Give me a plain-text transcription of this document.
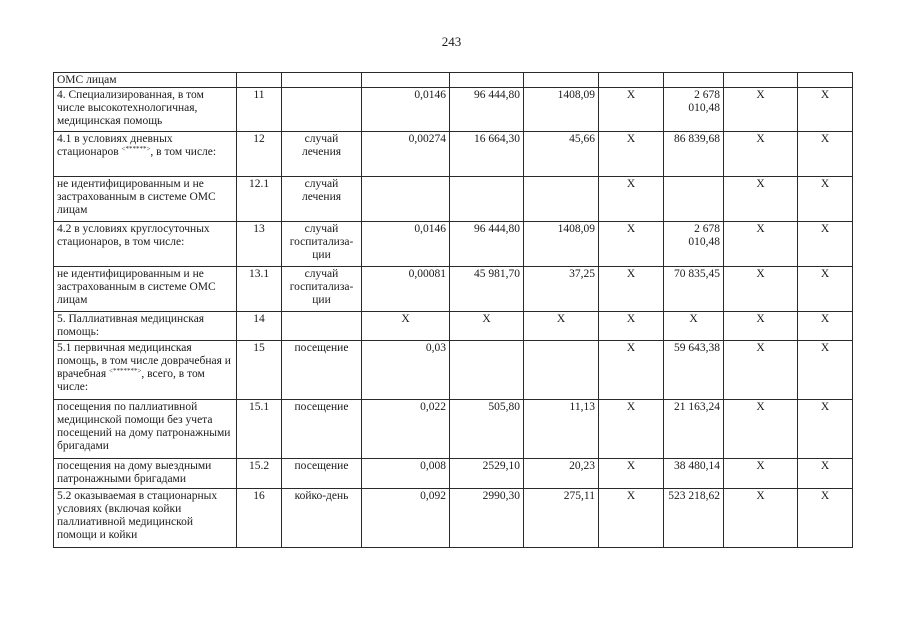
243
ОМС лицам									
4. Специализированная, в том числе высокотехнологичная, медицинская помощь	11		0,0146	96 444,80	1408,09	X	2 678 010,48	X	X
4.1 в условиях дневных стационаров <******>, в том числе:	12	случай лечения	0,00274	16 664,30	45,66	X	86 839,68	X	X
не идентифицированным и не застрахованным в системе ОМС лицам	12.1	случай лечения				X		X	X
4.2 в условиях круглосуточных стационаров, в том числе:	13	случай госпитализа-ции	0,0146	96 444,80	1408,09	X	2 678 010,48	X	X
не идентифицированным и не застрахованным в системе ОМС лицам	13.1	случай госпитализа-ции	0,00081	45 981,70	37,25	X	70 835,45	X	X
5. Паллиативная медицинская помощь:	14		X	X	X	X	X	X	X
5.1 первичная медицинская помощь, в том числе доврачебная и врачебная <*******>, всего, в том числе:	15	посещение	0,03			X	59 643,38	X	X
посещения по паллиативной медицинской помощи без учета посещений на дому патронажными бригадами	15.1	посещение	0,022	505,80	11,13	X	21 163,24	X	X
посещения на дому выездными патронажными бригадами	15.2	посещение	0,008	2529,10	20,23	X	38 480,14	X	X
5.2 оказываемая в стационарных условиях (включая койки паллиативной медицинской помощи и койки	16	койко-день	0,092	2990,30	275,11	X	523 218,62	X	X
